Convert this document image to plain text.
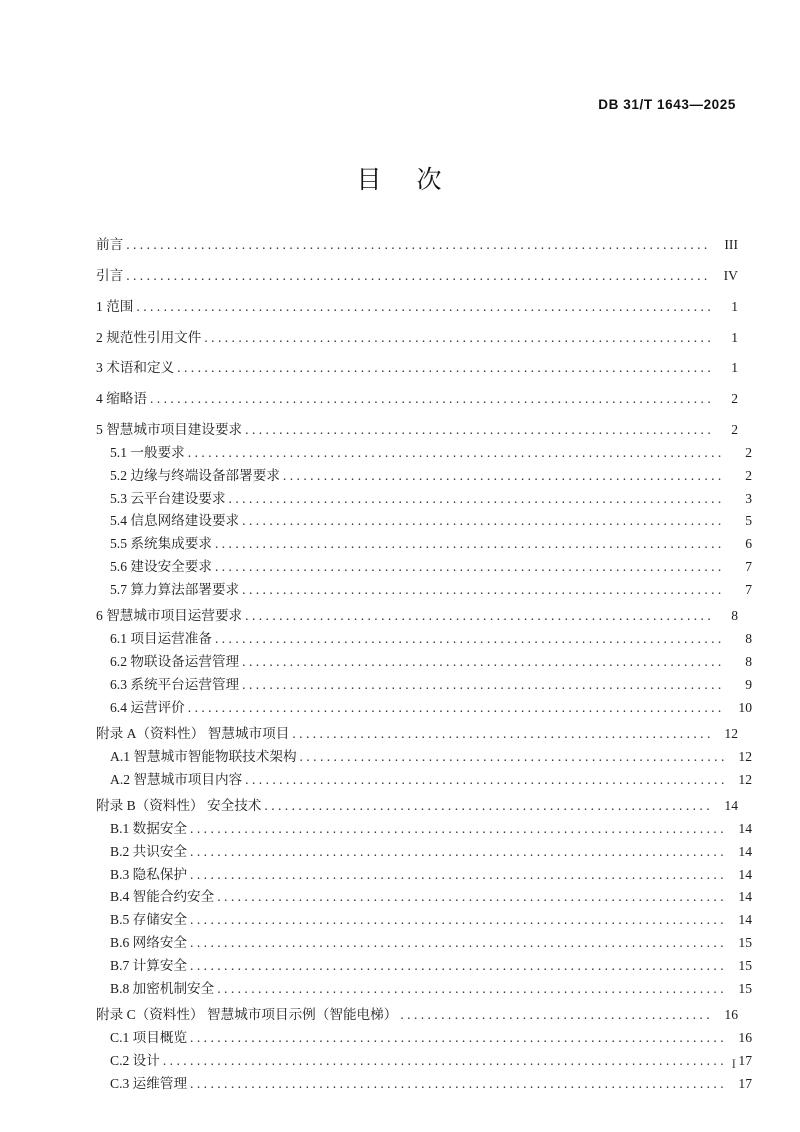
DB 31/T 1643—2025
目    次
前言 . . .	III
引言 . . .	IV
1 范围 . . .	1
2 规范性引用文件 . . .	1
3 术语和定义 . . .	1
4 缩略语 . . .	2
5 智慧城市项目建设要求 . . .	2
5.1 一般要求 . . .	2
5.2 边缘与终端设备部署要求 . . .	2
5.3 云平台建设要求 . . .	3
5.4 信息网络建设要求 . . .	5
5.5 系统集成要求 . . .	6
5.6 建设安全要求 . . .	7
5.7 算力算法部署要求 . . .	7
6 智慧城市项目运营要求 . . .	8
6.1 项目运营准备 . . .	8
6.2 物联设备运营管理 . . .	8
6.3 系统平台运营管理 . . .	9
6.4 运营评价 . . .	10
附录 A（资料性） 智慧城市项目 . . .	12
A.1 智慧城市智能物联技术架构 . . .	12
A.2 智慧城市项目内容 . . .	12
附录 B（资料性） 安全技术 . . .	14
B.1 数据安全 . . .	14
B.2 共识安全 . . .	14
B.3 隐私保护 . . .	14
B.4 智能合约安全 . . .	14
B.5 存储安全 . . .	14
B.6 网络安全 . . .	15
B.7 计算安全 . . .	15
B.8 加密机制安全 . . .	15
附录 C（资料性） 智慧城市项目示例（智能电梯） . . .	16
C.1 项目概览 . . .	16
C.2 设计 . . .	17
C.3 运维管理 . . .	17
I
